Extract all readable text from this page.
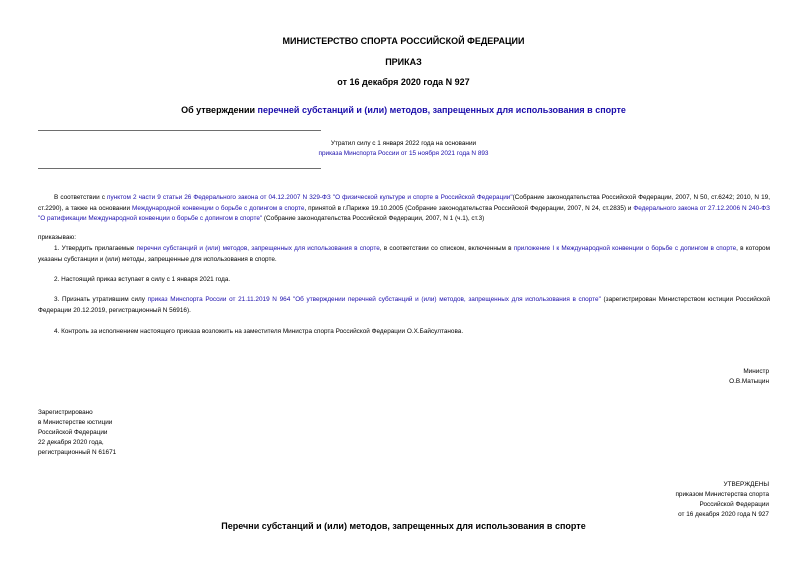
МИНИСТЕРСТВО СПОРТА РОССИЙСКОЙ ФЕДЕРАЦИИ
ПРИКАЗ
от 16 декабря 2020 года N 927
Об утверждении перечней субстанций и (или) методов, запрещенных для использования в спорте
Утратил силу с 1 января 2022 года на основании
приказа Минспорта России от 15 ноября 2021 года N 893
В соответствии с пунктом 2 части 9 статьи 26 Федерального закона от 04.12.2007 N 329-ФЗ "О физической культуре и спорте в Российской Федерации"(Собрание законодательства Российской Федерации, 2007, N 50, ст.6242; 2010, N 19, ст.2290), а также на основании Международной конвенции о борьбе с допингом в спорте, принятой в г.Париже 19.10.2005 (Собрание законодательства Российской Федерации, 2007, N 24, ст.2835) и Федерального закона от 27.12.2006 N 240-ФЗ "О ратификации Международной конвенции о борьбе с допингом в спорте" (Собрание законодательства Российской Федерации, 2007, N 1 (ч.1), ст.3)
приказываю:
1. Утвердить прилагаемые перечни субстанций и (или) методов, запрещенных для использования в спорте, в соответствии со списком, включенным в приложение I к Международной конвенции о борьбе с допингом в спорте, в котором указаны субстанции и (или) методы, запрещенные для использования в спорте.
2. Настоящий приказ вступает в силу с 1 января 2021 года.
3. Признать утратившим силу приказ Минспорта России от 21.11.2019 N 964 "Об утверждении перечней субстанций и (или) методов, запрещенных для использования в спорте" (зарегистрирован Министерством юстиции Российской Федерации 20.12.2019, регистрационный N 56916).
4. Контроль за исполнением настоящего приказа возложить на заместителя Министра спорта Российской Федерации О.Х.Байсултанова.
Министр
О.В.Матыцин
Зарегистрировано
в Министерстве юстиции
Российской Федерации
22 декабря 2020 года,
регистрационный N 61671
УТВЕРЖДЕНЫ
приказом Министерства спорта
Российской Федерации
от 16 декабря 2020 года N 927
Перечни субстанций и (или) методов, запрещенных для использования в спорте
